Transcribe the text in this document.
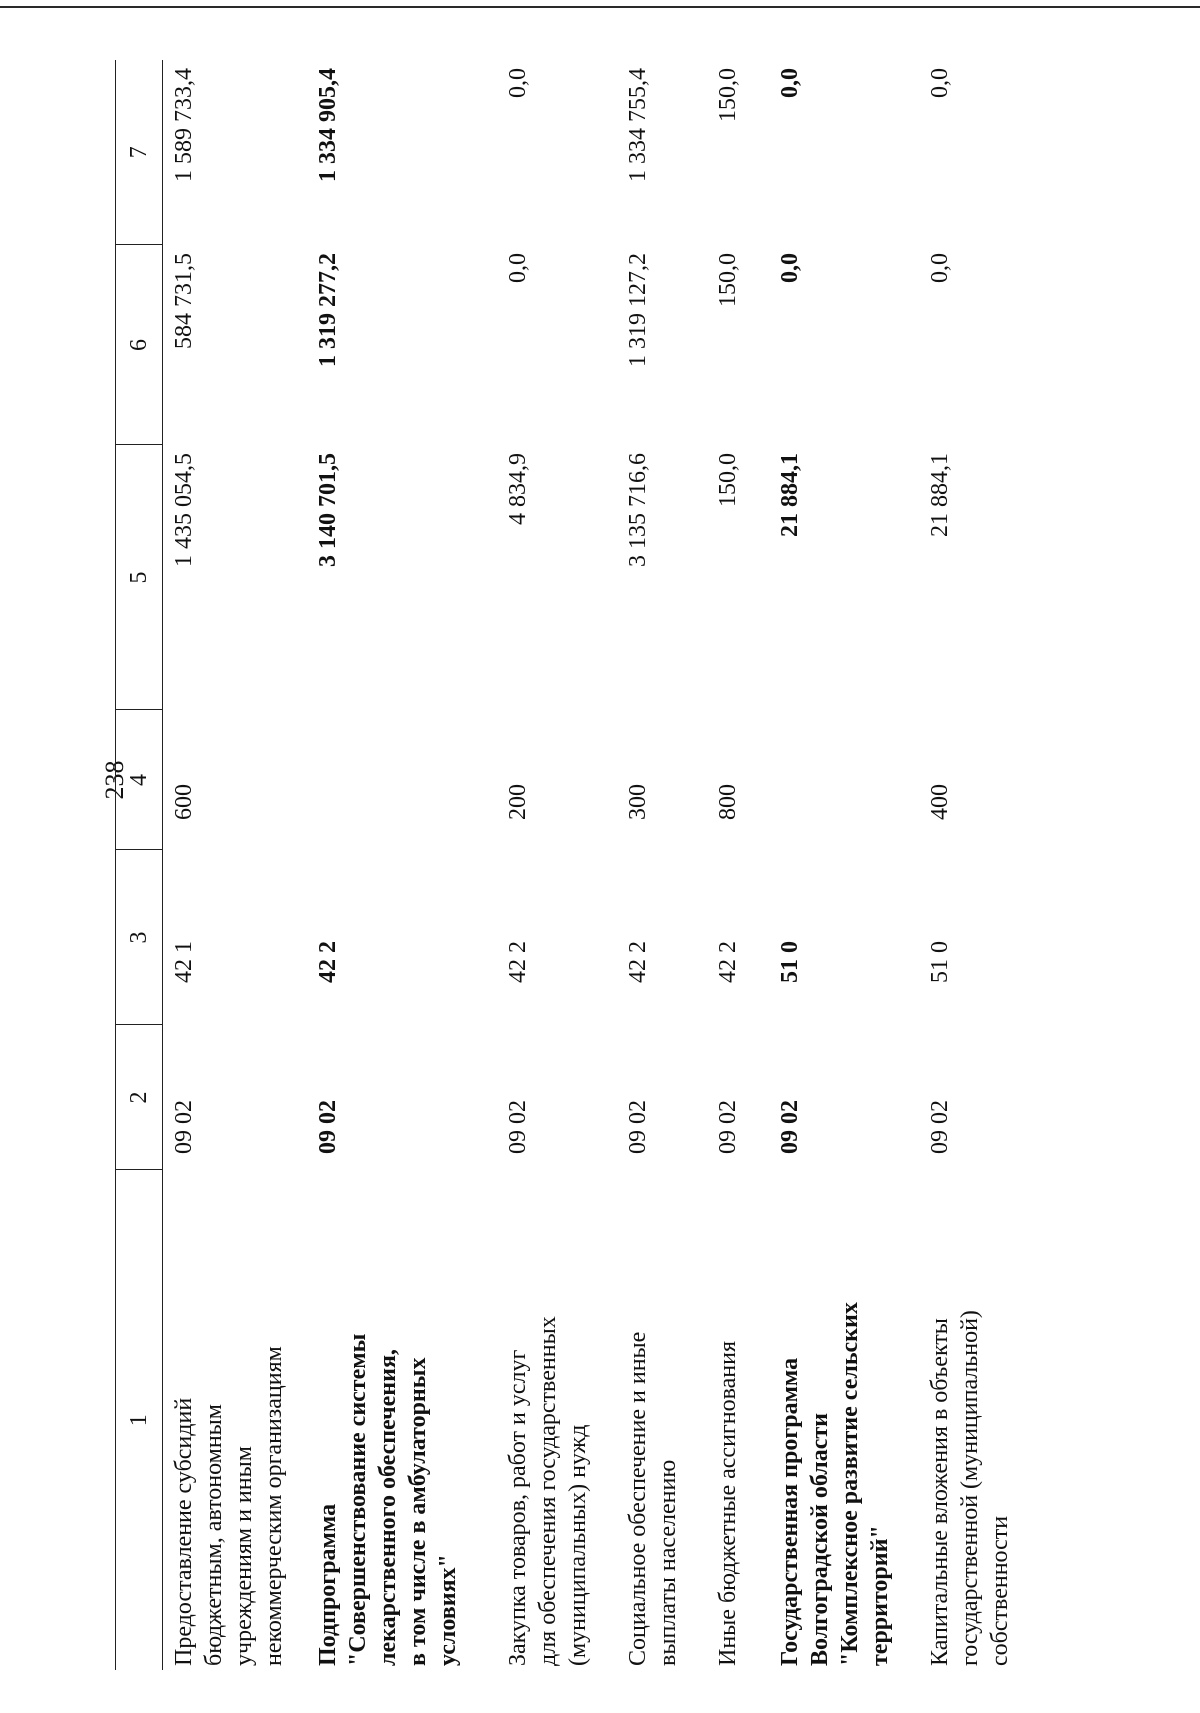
238
1	2	3	4	5	6	7

Предоставление субсидий бюджетным, автономным учреждениям и иным некоммерческим организациям	09 02	42 1	600	1 435 054,5	584 731,5	1 589 733,4

Подпрограмма "Совершенствование системы лекарственного обеспечения, в том числе в амбулаторных условиях"	09 02	42 2		3 140 701,5	1 319 277,2	1 334 905,4

Закупка товаров, работ и услуг для обеспечения государственных (муниципальных) нужд	09 02	42 2	200	4 834,9	0,0	0,0

Социальное обеспечение и иные выплаты населению	09 02	42 2	300	3 135 716,6	1 319 127,2	1 334 755,4

Иные бюджетные ассигнования	09 02	42 2	800	150,0	150,0	150,0

Государственная программа Волгоградской области "Комплексное развитие сельских территорий"	09 02	51 0		21 884,1	0,0	0,0

Капитальные вложения в объекты государственной (муниципальной) собственности	09 02	51 0	400	21 884,1	0,0	0,0
